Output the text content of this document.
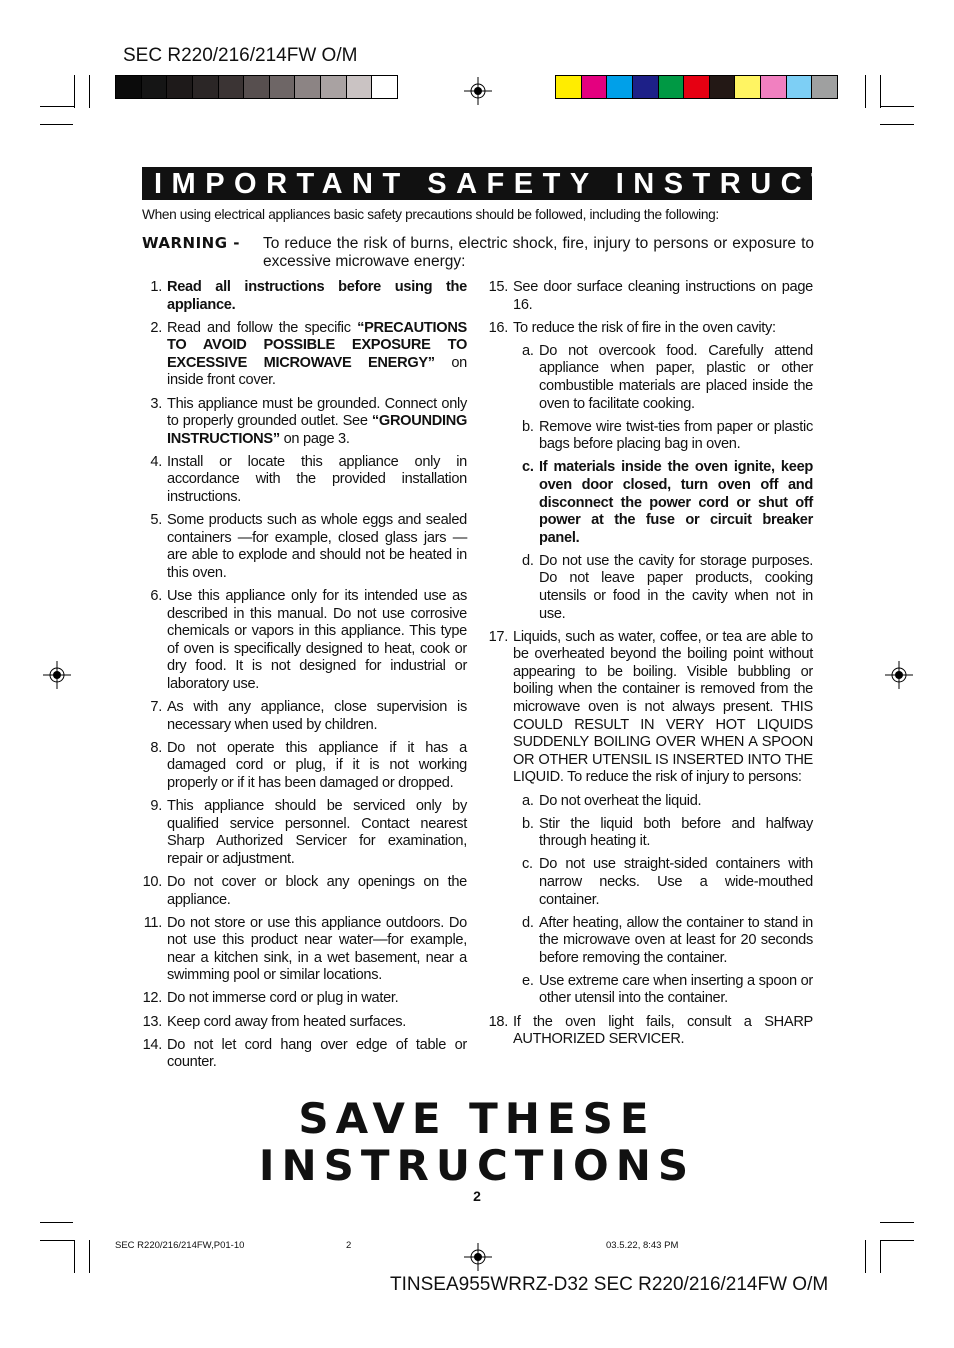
SEC R220/216/214FW O/M
IMPORTANT SAFETY INSTRUCTIONS
When using electrical appliances basic safety precautions should be followed, including the following:
WARNING - To reduce the risk of burns, electric shock, fire, injury to persons or exposure to excessive microwave energy:
1. Read all instructions before using the appliance.
2. Read and follow the specific “PRECAUTIONS TO AVOID POSSIBLE EXPOSURE TO EXCESSIVE MICROWAVE ENERGY” on inside front cover.
3. This appliance must be grounded. Connect only to properly grounded outlet. See “GROUNDING INSTRUCTIONS” on page 3.
4. Install or locate this appliance only in accordance with the provided installation instructions.
5. Some products such as whole eggs and sealed containers —for example, closed glass jars — are able to explode and should not be heated in this oven.
6. Use this appliance only for its intended use as described in this manual. Do not use corrosive chemicals or vapors in this appliance. This type of oven is specifically designed to heat, cook or dry food. It is not designed for industrial or laboratory use.
7. As with any appliance, close supervision is necessary when used by children.
8. Do not operate this appliance if it has a damaged cord or plug, if it is not working properly or if it has been damaged or dropped.
9. This appliance should be serviced only by qualified service personnel. Contact nearest Sharp Authorized Servicer for examination, repair or adjustment.
10. Do not cover or block any openings on the appliance.
11. Do not store or use this appliance outdoors. Do not use this product near water—for example, near a kitchen sink, in a wet basement, near a swimming pool or similar locations.
12. Do not immerse cord or plug in water.
13. Keep cord away from heated surfaces.
14. Do not let cord hang over edge of table or counter.
15. See door surface cleaning instructions on page 16.
16. To reduce the risk of fire in the oven cavity:
a. Do not overcook food. Carefully attend appliance when paper, plastic or other combustible materials are placed inside the oven to facilitate cooking.
b. Remove wire twist-ties from paper or plastic bags before placing bag in oven.
c. If materials inside the oven ignite, keep oven door closed, turn oven off and disconnect the power cord or shut off power at the fuse or circuit breaker panel.
d. Do not use the cavity for storage purposes. Do not leave paper products, cooking utensils or food in the cavity when not in use.
17. Liquids, such as water, coffee, or tea are able to be overheated beyond the boiling point without appearing to be boiling. Visible bubbling or boiling when the container is removed from the microwave oven is not always present. THIS COULD RESULT IN VERY HOT LIQUIDS SUDDENLY BOILING OVER WHEN A SPOON OR OTHER UTENSIL IS INSERTED INTO THE LIQUID. To reduce the risk of injury to persons:
a. Do not overheat the liquid.
b. Stir the liquid both before and halfway through heating it.
c. Do not use straight-sided containers with narrow necks. Use a wide-mouthed container.
d. After heating, allow the container to stand in the microwave oven at least for 20 seconds before removing the container.
e. Use extreme care when inserting a spoon or other utensil into the container.
18. If the oven light fails, consult a SHARP AUTHORIZED SERVICER.
SAVE THESE
INSTRUCTIONS
2
SEC R220/216/214FW,P01-10	2	03.5.22, 8:43 PM
TINSEA955WRRZ-D32 SEC R220/216/214FW O/M
